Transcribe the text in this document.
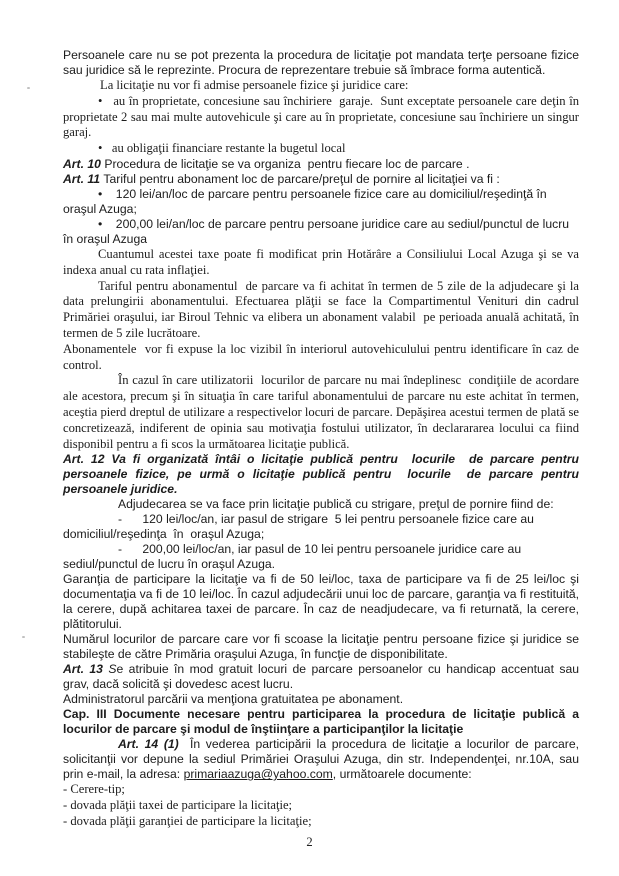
Persoanele care nu se pot prezenta la procedura de licitaţie pot mandata terţe persoane fizice sau juridice să le reprezinte. Procura de reprezentare trebuie să îmbrace forma autentică.

La licitaţie nu vor fi admise persoanele fizice şi juridice care:

•   au în proprietate, concesiune sau închiriere  garaje.  Sunt exceptate persoanele care deţin în proprietate 2 sau mai multe autovehicule şi care au în proprietate, concesiune sau închiriere un singur garaj.

•   au obligaţii financiare restante la bugetul local

Art. 10 Procedura de licitaţie se va organiza  pentru fiecare loc de parcare .

Art. 11 Tariful pentru abonament loc de parcare/preţul de pornire al licitaţiei va fi :

•    120 lei/an/loc de parcare pentru persoanele fizice care au domiciliul/reşedinţă în oraşul Azuga;

•    200,00 lei/an/loc de parcare pentru persoane juridice care au sediul/punctul de lucru în oraşul Azuga

Cuantumul acestei taxe poate fi modificat prin Hotărâre a Consiliului Local Azuga şi se va indexa anual cu rata inflaţiei.

Tariful pentru abonamentul  de parcare va fi achitat în termen de 5 zile de la adjudecare şi la data prelungirii abonamentului. Efectuarea plăţii se face la Compartimentul Venituri din cadrul Primăriei oraşului, iar Biroul Tehnic va elibera un abonament valabil  pe perioada anuală achitată, în termen de 5 zile lucrătoare.

Abonamentele  vor fi expuse la loc vizibil în interiorul autovehiculului pentru identificare în caz de control.

În cazul în care utilizatorii  locurilor de parcare nu mai îndeplinesc  condiţiile de acordare ale acestora, precum şi în situaţia în care tariful abonamentului de parcare nu este achitat în termen, aceştia pierd dreptul de utilizare a respectivelor locuri de parcare. Depăşirea acestui termen de plată se concretizează, indiferent de opinia sau motivaţia fostului utilizator, în declarararea locului ca fiind disponibil pentru a fi scos la următoarea licitaţie publică.

Art. 12 Va fi organizată întâi o licitaţie publică pentru  locurile  de parcare pentru persoanele fizice, pe urmă o licitaţie publică pentru  locurile  de parcare pentru persoanele juridice.

Adjudecarea se va face prin licitaţie publică cu strigare, preţul de pornire fiind de:

-      120 lei/loc/an, iar pasul de strigare  5 lei pentru persoanele fizice care au domiciliul/reşedinţa  în  oraşul Azuga;

-      200,00 lei/loc/an, iar pasul de 10 lei pentru persoanele juridice care au sediul/punctul de lucru în oraşul Azuga.

Garanţia de participare la licitaţie va fi de 50 lei/loc, taxa de participare va fi de 25 lei/loc şi documentaţia va fi de 10 lei/loc. În cazul adjudecării unui loc de parcare, garanţia va fi restituită, la cerere, după achitarea taxei de parcare. În caz de neadjudecare, va fi returnată, la cerere, plătitorului.

Numărul locurilor de parcare care vor fi scoase la licitaţie pentru persoane fizice şi juridice se stabileşte de către Primăria oraşului Azuga, în funcţie de disponibilitate.

Art. 13 Se atribuie în mod gratuit locuri de parcare persoanelor cu handicap accentuat sau grav, dacă solicită şi dovedesc acest lucru.

Administratorul parcării va menţiona gratuitatea pe abonament.

Cap. III Documente necesare pentru participarea la procedura de licitaţie publică a locurilor de parcare şi modul de înştiinţare a participanţilor la licitaţie

Art. 14 (1)  În vederea participării la procedura de licitaţie a locurilor de parcare, solicitanţii vor depune la sediul Primăriei Oraşului Azuga, din str. Independenţei, nr.10A, sau prin e-mail, la adresa: primariaazuga@yahoo.com, următoarele documente:

- Cerere-tip;

- dovada plăţii taxei de participare la licitaţie;

- dovada plăţii garanţiei de participare la licitaţie;

2
